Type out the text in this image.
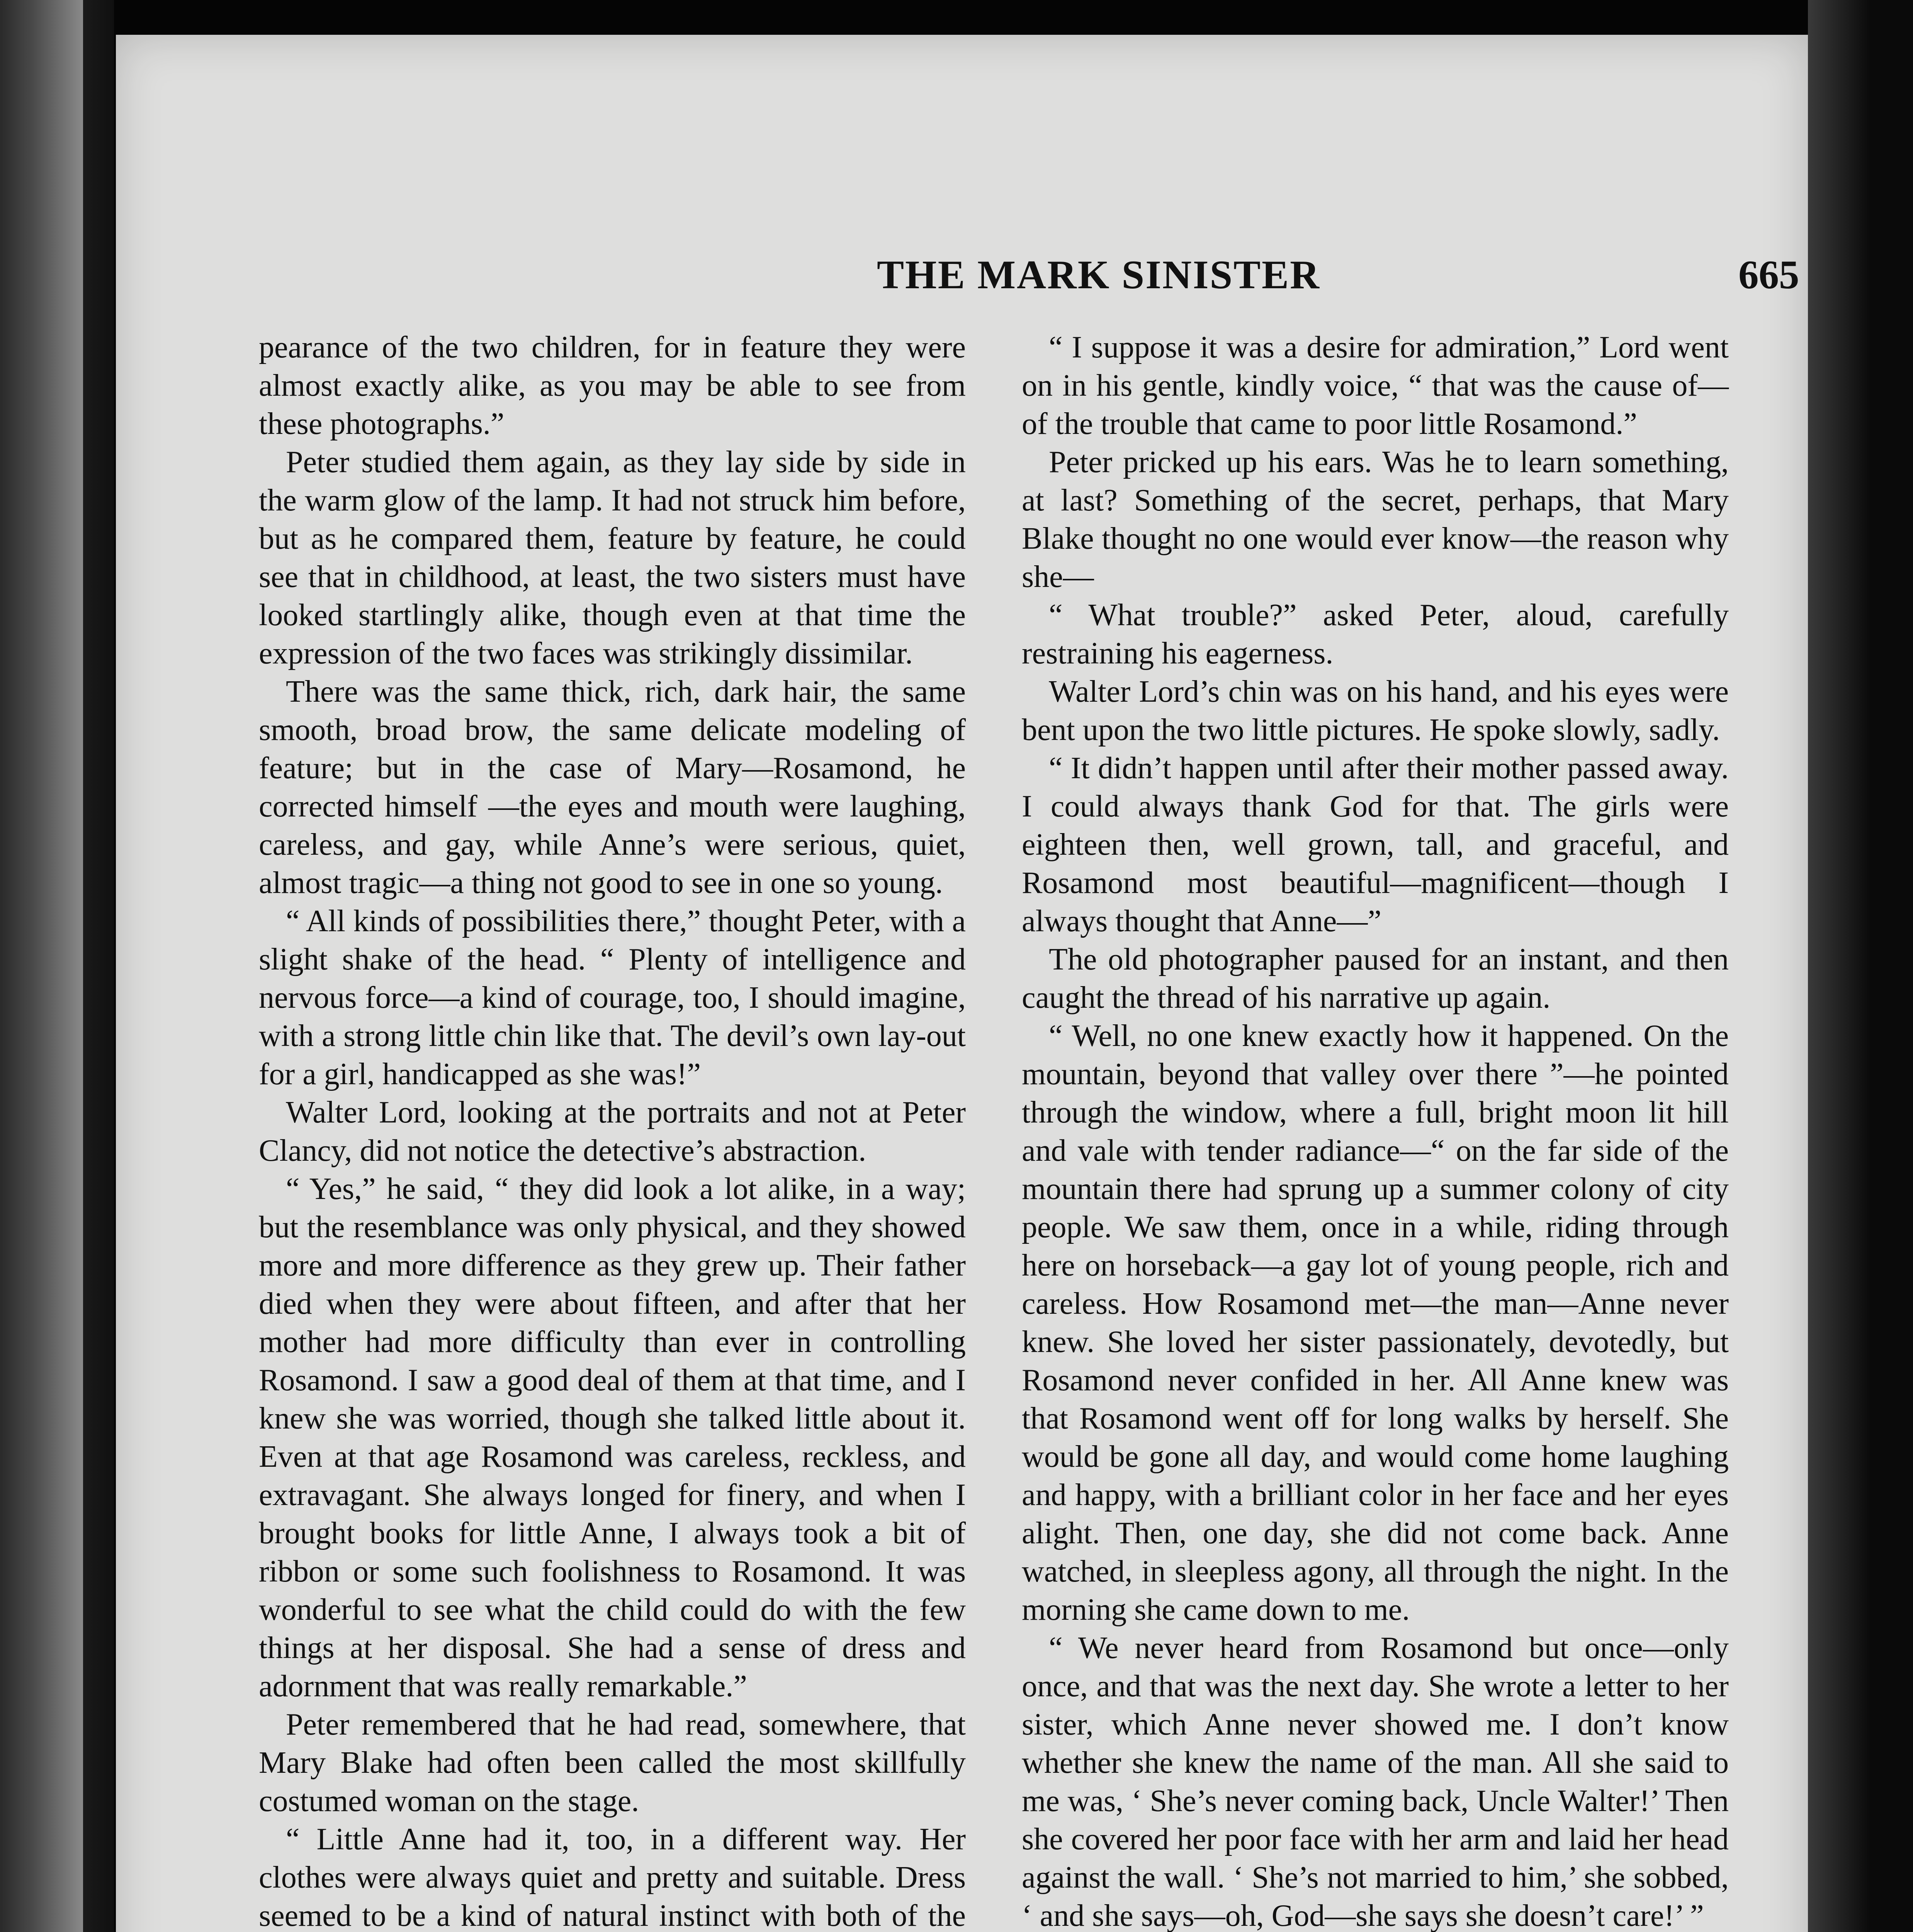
THE MARK SINISTER	665

pearance of the two children, for in feature they were almost exactly alike, as you may be able to see from these photographs.”

Peter studied them again, as they lay side by side in the warm glow of the lamp. It had not struck him before, but as he compared them, feature by feature, he could see that in childhood, at least, the two sisters must have looked startlingly alike, though even at that time the expression of the two faces was strikingly dissimilar.

There was the same thick, rich, dark hair, the same smooth, broad brow, the same delicate modeling of feature; but in the case of Mary—Rosamond, he corrected himself —the eyes and mouth were laughing, careless, and gay, while Anne’s were serious, quiet, almost tragic—a thing not good to see in one so young.

“ All kinds of possibilities there,” thought Peter, with a slight shake of the head. “ Plenty of intelligence and nervous force—a kind of courage, too, I should imagine, with a strong little chin like that. The devil’s own lay-out for a girl, handicapped as she was!”

Walter Lord, looking at the portraits and not at Peter Clancy, did not notice the detective’s abstraction.

“ Yes,” he said, “ they did look a lot alike, in a way; but the resemblance was only physical, and they showed more and more difference as they grew up. Their father died when they were about fifteen, and after that her mother had more difficulty than ever in controlling Rosamond. I saw a good deal of them at that time, and I knew she was worried, though she talked little about it. Even at that age Rosamond was careless, reckless, and extravagant. She always longed for finery, and when I brought books for little Anne, I always took a bit of ribbon or some such foolishness to Rosamond. It was wonderful to see what the child could do with the few things at her disposal. She had a sense of dress and adornment that was really remarkable.”

Peter remembered that he had read, somewhere, that Mary Blake had often been called the most skillfully costumed woman on the stage.

“ Little Anne had it, too, in a different way. Her clothes were always quiet and pretty and suitable. Dress seemed to be a kind of natural instinct with both of the

“ I suppose it was a desire for admiration,” Lord went on in his gentle, kindly voice, “ that was the cause of—of the trouble that came to poor little Rosamond.”

Peter pricked up his ears. Was he to learn something, at last? Something of the secret, perhaps, that Mary Blake thought no one would ever know—the reason why she—

“ What trouble?” asked Peter, aloud, carefully restraining his eagerness.

Walter Lord’s chin was on his hand, and his eyes were bent upon the two little pictures. He spoke slowly, sadly.

“ It didn’t happen until after their mother passed away. I could always thank God for that. The girls were eighteen then, well grown, tall, and graceful, and Rosamond most beautiful—magnificent—though I always thought that Anne—”

The old photographer paused for an instant, and then caught the thread of his narrative up again.

“ Well, no one knew exactly how it happened. On the mountain, beyond that valley over there ”—he pointed through the window, where a full, bright moon lit hill and vale with tender radiance—“ on the far side of the mountain there had sprung up a summer colony of city people. We saw them, once in a while, riding through here on horseback—a gay lot of young people, rich and careless. How Rosamond met—the man—Anne never knew. She loved her sister passionately, devotedly, but Rosamond never confided in her. All Anne knew was that Rosamond went off for long walks by herself. She would be gone all day, and would come home laughing and happy, with a brilliant color in her face and her eyes alight. Then, one day, she did not come back. Anne watched, in sleepless agony, all through the night. In the morning she came down to me.

“ We never heard from Rosamond but once—only once, and that was the next day. She wrote a letter to her sister, which Anne never showed me. I don’t know whether she knew the name of the man. All she said to me was, ‘ She’s never coming back, Uncle Walter!’ Then she covered her poor face with her arm and laid her head against the wall. ‘ She’s not married to him,’ she sobbed, ‘ and she says—oh, God—she says she doesn’t care!’ ”
